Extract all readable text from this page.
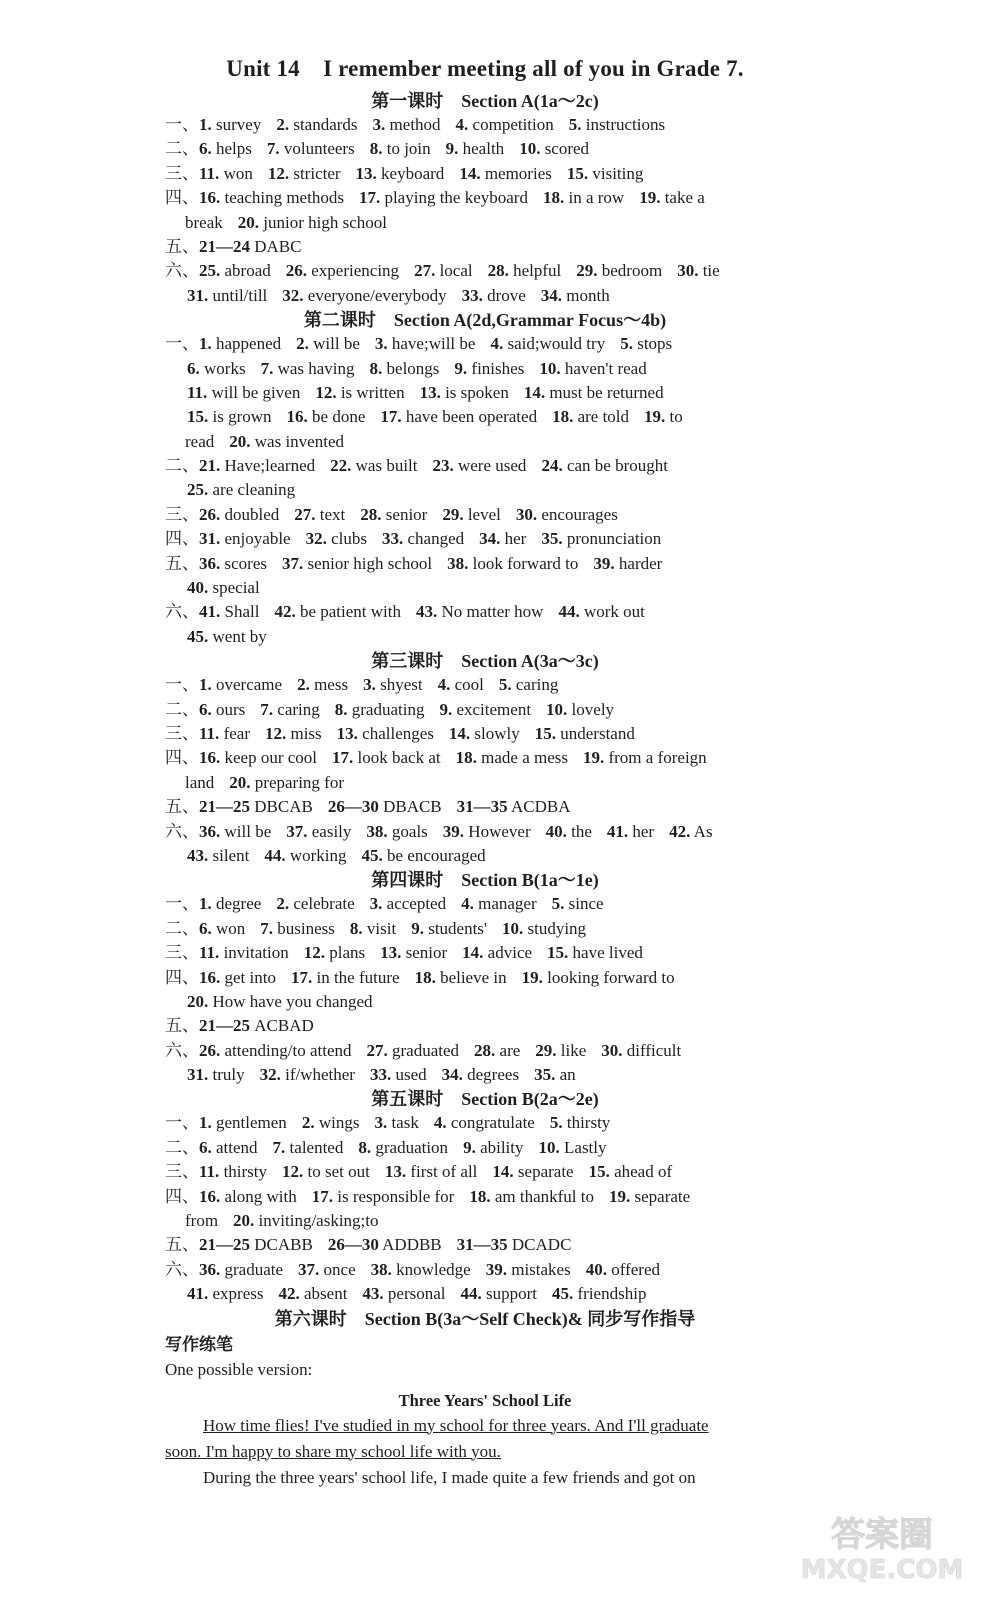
Unit 14　I remember meeting all of you in Grade 7.
第一课时　Section A(1a～2c)
一、1. survey 2. standards 3. method 4. competition 5. instructions
二、6. helps 7. volunteers 8. to join 9. health 10. scored
三、11. won 12. stricter 13. keyboard 14. memories 15. visiting
四、16. teaching methods 17. playing the keyboard 18. in a row 19. take a
break 20. junior high school
五、21—24 DABC
六、25. abroad 26. experiencing 27. local 28. helpful 29. bedroom 30. tie
31. until/till 32. everyone/everybody 33. drove 34. month
第二课时　Section A(2d,Grammar Focus～4b)
一、1. happened 2. will be 3. have;will be 4. said;would try 5. stops
6. works 7. was having 8. belongs 9. finishes 10. haven't read
11. will be given 12. is written 13. is spoken 14. must be returned
15. is grown 16. be done 17. have been operated 18. are told 19. to
read 20. was invented
二、21. Have;learned 22. was built 23. were used 24. can be brought
25. are cleaning
三、26. doubled 27. text 28. senior 29. level 30. encourages
四、31. enjoyable 32. clubs 33. changed 34. her 35. pronunciation
五、36. scores 37. senior high school 38. look forward to 39. harder
40. special
六、41. Shall 42. be patient with 43. No matter how 44. work out
45. went by
第三课时　Section A(3a～3c)
一、1. overcame 2. mess 3. shyest 4. cool 5. caring
二、6. ours 7. caring 8. graduating 9. excitement 10. lovely
三、11. fear 12. miss 13. challenges 14. slowly 15. understand
四、16. keep our cool 17. look back at 18. made a mess 19. from a foreign
land 20. preparing for
五、21—25 DBCAB 26—30 DBACB 31—35 ACDBA
六、36. will be 37. easily 38. goals 39. However 40. the 41. her 42. As
43. silent 44. working 45. be encouraged
第四课时　Section B(1a～1e)
一、1. degree 2. celebrate 3. accepted 4. manager 5. since
二、6. won 7. business 8. visit 9. students' 10. studying
三、11. invitation 12. plans 13. senior 14. advice 15. have lived
四、16. get into 17. in the future 18. believe in 19. looking forward to
20. How have you changed
五、21—25 ACBAD
六、26. attending/to attend 27. graduated 28. are 29. like 30. difficult
31. truly 32. if/whether 33. used 34. degrees 35. an
第五课时　Section B(2a～2e)
一、1. gentlemen 2. wings 3. task 4. congratulate 5. thirsty
二、6. attend 7. talented 8. graduation 9. ability 10. Lastly
三、11. thirsty 12. to set out 13. first of all 14. separate 15. ahead of
四、16. along with 17. is responsible for 18. am thankful to 19. separate
from 20. inviting/asking;to
五、21—25 DCABB 26—30 ADDBB 31—35 DCADC
六、36. graduate 37. once 38. knowledge 39. mistakes 40. offered
41. express 42. absent 43. personal 44. support 45. friendship
第六课时　Section B(3a～Self Check)& 同步写作指导
写作练笔
One possible version:
Three Years' School Life
How time flies! I've studied in my school for three years. And I'll graduate
soon. I'm happy to share my school life with you.
During the three years' school life, I made quite a few friends and got on
答案圈
MXQE.COM
